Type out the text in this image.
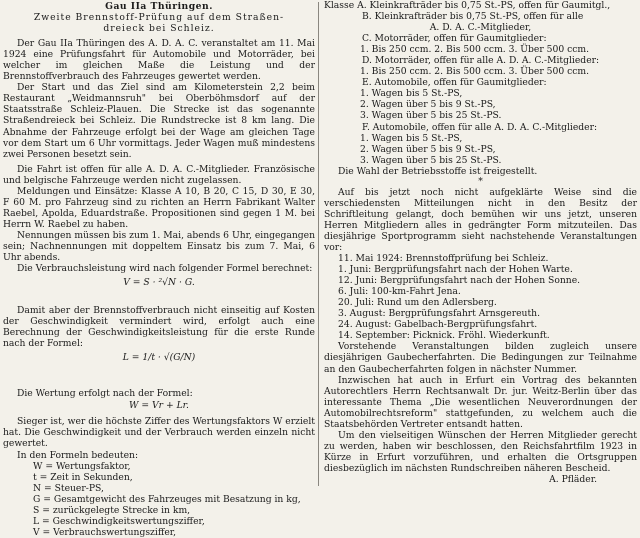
Gau IIa Thüringen.

Zweite Brennstoff-Prüfung auf dem Straßen-

dreieck bei Schleiz.

Der Gau IIa Thüringen des A. D. A. C. veranstaltet am 11. Mai 1924 eine Prüfungsfahrt für Automobile und Motorräder, bei welcher im gleichen Maße die Leistung und der Brennstoffverbrauch des Fahrzeuges gewertet werden.

Der Start und das Ziel sind am Kilometerstein 2,2 beim Restaurant „Weidmannsruh" bei Oberböhmsdorf auf der Staatsstraße Schleiz-Plauen. Die Strecke ist das sogenannte Straßendreieck bei Schleiz. Die Rundstrecke ist 8 km lang. Die Abnahme der Fahrzeuge erfolgt bei der Wage am gleichen Tage vor dem Start um 6 Uhr vormittags. Jeder Wagen muß mindestens zwei Personen besetzt sein.

Die Fahrt ist offen für alle A. D. A. C.-Mitglieder. Französische und belgische Fahrzeuge werden nicht zugelassen.

Meldungen und Einsätze: Klasse A 10, B 20, C 15, D 30, E 30, F 60 M. pro Fahrzeug sind zu richten an Herrn Fabrikant Walter Raebel, Apolda, Eduardstraße. Propositionen sind gegen 1 M. bei Herrn W. Raebel zu haben.

Nennungen müssen bis zum 1. Mai, abends 6 Uhr, eingegangen sein; Nachnennungen mit doppeltem Einsatz bis zum 7. Mai, 6 Uhr abends.

Die Verbrauchsleistung wird nach folgender Formel berechnet:

V = S · ²√N · G.

Damit aber der Brennstoffverbrauch nicht einseitig auf Kosten der Geschwindigkeit vermindert wird, erfolgt auch eine Berechnung der Geschwindigkeitsleistung für die erste Runde nach der Formel:

L = 1/t · √(G/N)

Die Wertung erfolgt nach der Formel:

W = Vr + Lr.

Sieger ist, wer die höchste Ziffer des Wertungsfaktors W erzielt hat. Die Geschwindigkeit und der Verbrauch werden einzeln nicht gewertet.

In den Formeln bedeuten:

W = Wertungsfaktor,

t = Zeit in Sekunden,

N = Steuer-PS,

G = Gesamtgewicht des Fahrzeuges mit Besatzung in kg,

S = zurückgelegte Strecke in km,

L = Geschwindigkeitswertungsziffer,

V = Verbrauchswertungsziffer,

Klasse A. Kleinkrafträder bis 0,75 St.-PS, offen für Gaumitgl.,

B. Kleinkrafträder bis 0,75 St.-PS, offen für alle

A. D. A. C.-Mitglieder,

C. Motorräder, offen für Gaumitglieder:

1. Bis 250 ccm. 2. Bis 500 ccm. 3. Über 500 ccm.

D. Motorräder, offen für alle A. D. A. C.-Mitglieder:

1. Bis 250 ccm. 2. Bis 500 ccm. 3. Über 500 ccm.

E. Automobile, offen für Gaumitglieder:

1. Wagen bis 5 St.-PS,

2. Wagen über 5 bis 9 St.-PS,

3. Wagen über 5 bis 25 St.-PS.

F. Automobile, offen für alle A. D. A. C.-Mitglieder:

1. Wagen bis 5 St.-PS,

2. Wagen über 5 bis 9 St.-PS,

3. Wagen über 5 bis 25 St.-PS.

Die Wahl der Betriebsstoffe ist freigestellt.

*

Auf bis jetzt noch nicht aufgeklärte Weise sind die verschiedensten Mitteilungen nicht in den Besitz der Schriftleitung gelangt, doch bemühen wir uns jetzt, unseren Herren Mitgliedern alles in gedrängter Form mitzuteilen. Das diesjährige Sportprogramm sieht nachstehende Veranstaltungen vor:

11. Mai 1924: Brennstoffprüfung bei Schleiz.

1. Juni: Bergprüfungsfahrt nach der Hohen Warte.

12. Juni: Bergprüfungsfahrt nach der Hohen Sonne.

6. Juli: 100-km-Fahrt Jena.

20. Juli: Rund um den Adlersberg.

3. August: Bergprüfungsfahrt Arnsgereuth.

24. August: Gabelbach-Bergprüfungsfahrt.

14. September: Picknick. Fröhl. Wiederkunft.

Vorstehende Veranstaltungen bilden zugleich unsere diesjährigen Gaubecherfahrten. Die Bedingungen zur Teilnahme an den Gaubecherfahrten folgen in nächster Nummer.

Inzwischen hat auch in Erfurt ein Vortrag des bekannten Autorechtlers Herrn Rechtsanwalt Dr. jur. Weitz-Berlin über das interessante Thema „Die wesentlichen Neuverordnungen der Automobilrechtsreform" stattgefunden, zu welchem auch die Staatsbehörden Vertreter entsandt hatten.

Um den vielseitigen Wünschen der Herren Mitglieder gerecht zu werden, haben wir beschlossen, den Reichsfahrtfilm 1923 in Kürze in Erfurt vorzuführen, und erhalten die Ortsgruppen diesbezüglich im nächsten Rundschreiben näheren Bescheid.

A. Pfläder.
